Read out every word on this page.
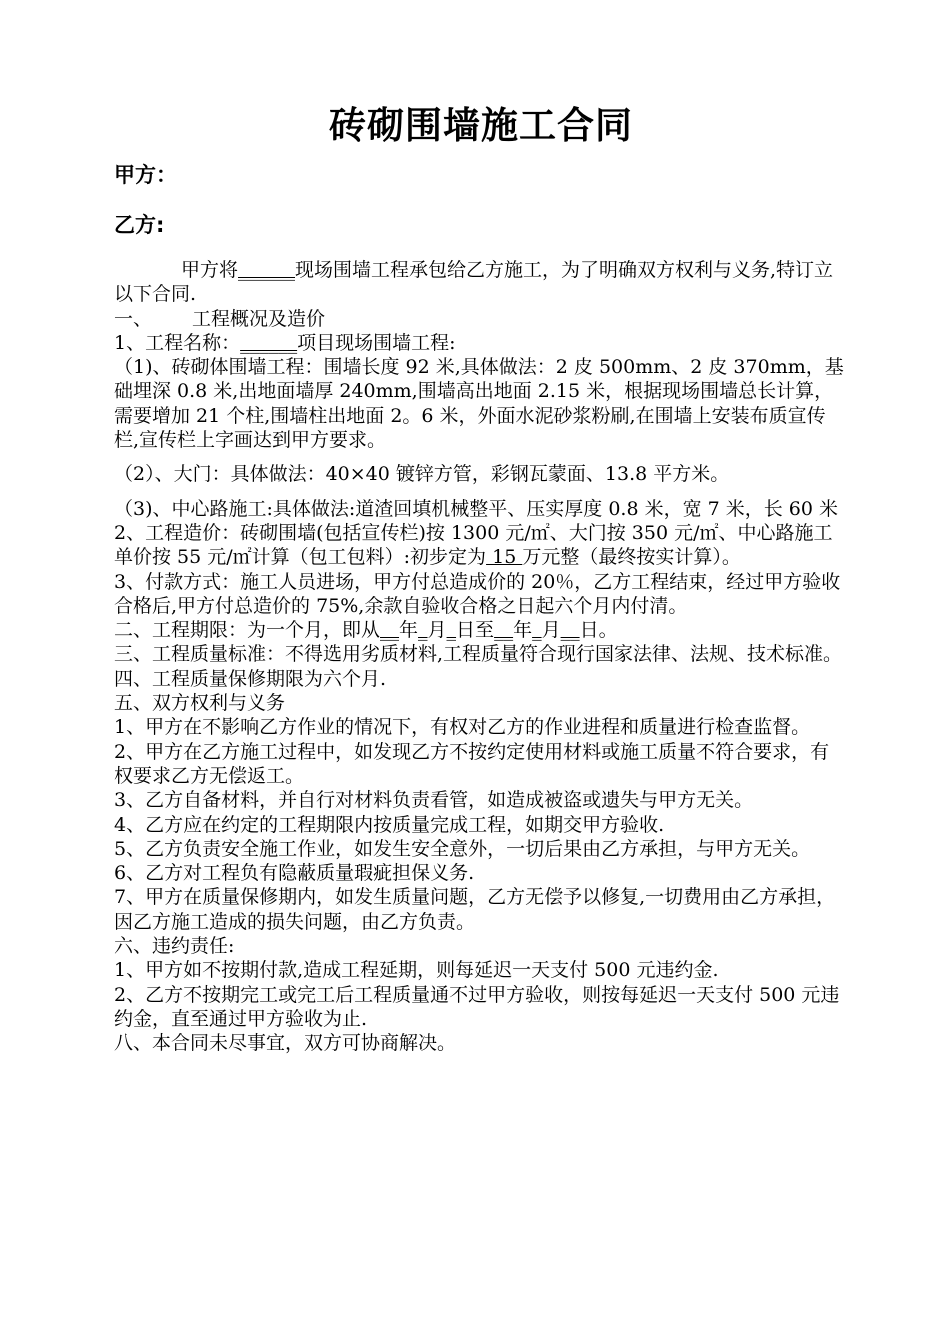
砖砌围墙施工合同
甲方：
乙方:

甲方将______现场围墙工程承包给乙方施工，为了明确双方权利与义务,特订立以下合同.

一、 工程概况及造价

1、工程名称：______项目现场围墙工程:

（1)、砖砌体围墙工程：围墙长度 92 米,具体做法：2 皮 500mm、2 皮 370mm，基础埋深 0.8 米,出地面墙厚 240mm,围墙高出地面 2.15 米，根据现场围墙总长计算，需要增加 21 个柱,围墙柱出地面 2。6 米，外面水泥砂浆粉刷,在围墙上安装布质宣传栏,宣传栏上字画达到甲方要求。

（2）、大门：具体做法：40×40 镀锌方管，彩钢瓦蒙面、13.8 平方米。

（3)、中心路施工:具体做法:道渣回填机械整平、压实厚度 0.8 米，宽 7 米，长 60 米

2、工程造价：砖砌围墙(包括宣传栏)按 1300 元/㎡、大门按 350 元/㎡、中心路施工单价按 55 元/㎡计算（包工包料）:初步定为 15 万元整（最终按实计算）。

3、付款方式：施工人员进场，甲方付总造成价的 20％，乙方工程结束，经过甲方验收合格后,甲方付总造价的 75%,余款自验收合格之日起六个月内付清。

二、工程期限：为一个月，即从__年_月_日至__年_月__日。

三、工程质量标准：不得选用劣质材料,工程质量符合现行国家法律、法规、技术标准。

四、工程质量保修期限为六个月.

五、双方权利与义务

1、甲方在不影响乙方作业的情况下，有权对乙方的作业进程和质量进行检查监督。

2、甲方在乙方施工过程中，如发现乙方不按约定使用材料或施工质量不符合要求，有权要求乙方无偿返工。

3、乙方自备材料，并自行对材料负责看管，如造成被盗或遗失与甲方无关。

4、乙方应在约定的工程期限内按质量完成工程，如期交甲方验收.

5、乙方负责安全施工作业，如发生安全意外，一切后果由乙方承担，与甲方无关。

6、乙方对工程负有隐蔽质量瑕疵担保义务.

7、甲方在质量保修期内，如发生质量问题，乙方无偿予以修复,一切费用由乙方承担，因乙方施工造成的损失问题，由乙方负责。

六、违约责任:

1、甲方如不按期付款,造成工程延期，则每延迟一天支付 500 元违约金.

2、乙方不按期完工或完工后工程质量通不过甲方验收，则按每延迟一天支付 500 元违约金，直至通过甲方验收为止.

八、本合同未尽事宜，双方可协商解决。
